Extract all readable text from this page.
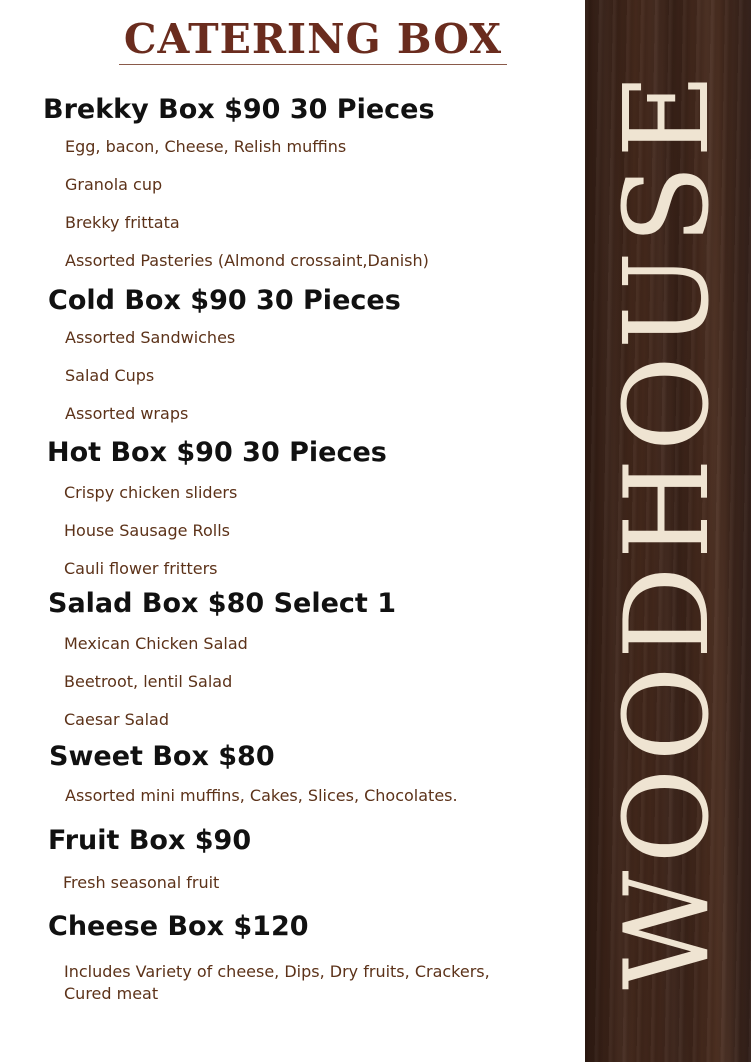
CATERING BOX
Brekky Box $90 30 Pieces
Egg, bacon, Cheese, Relish muffins
Granola cup
Brekky frittata
Assorted Pasteries (Almond crossaint,Danish)
Cold Box $90 30 Pieces
Assorted Sandwiches
Salad Cups
Assorted wraps
Hot Box $90 30 Pieces
Crispy chicken sliders
House Sausage Rolls
Cauli flower fritters
Salad Box $80 Select 1
Mexican Chicken Salad
Beetroot, lentil Salad
Caesar Salad
Sweet Box $80
Assorted mini muffins, Cakes, Slices, Chocolates.
Fruit Box $90
Fresh seasonal fruit
Cheese Box $120
Includes Variety of cheese, Dips, Dry fruits, Crackers, Cured meat
WOODHOUSE
